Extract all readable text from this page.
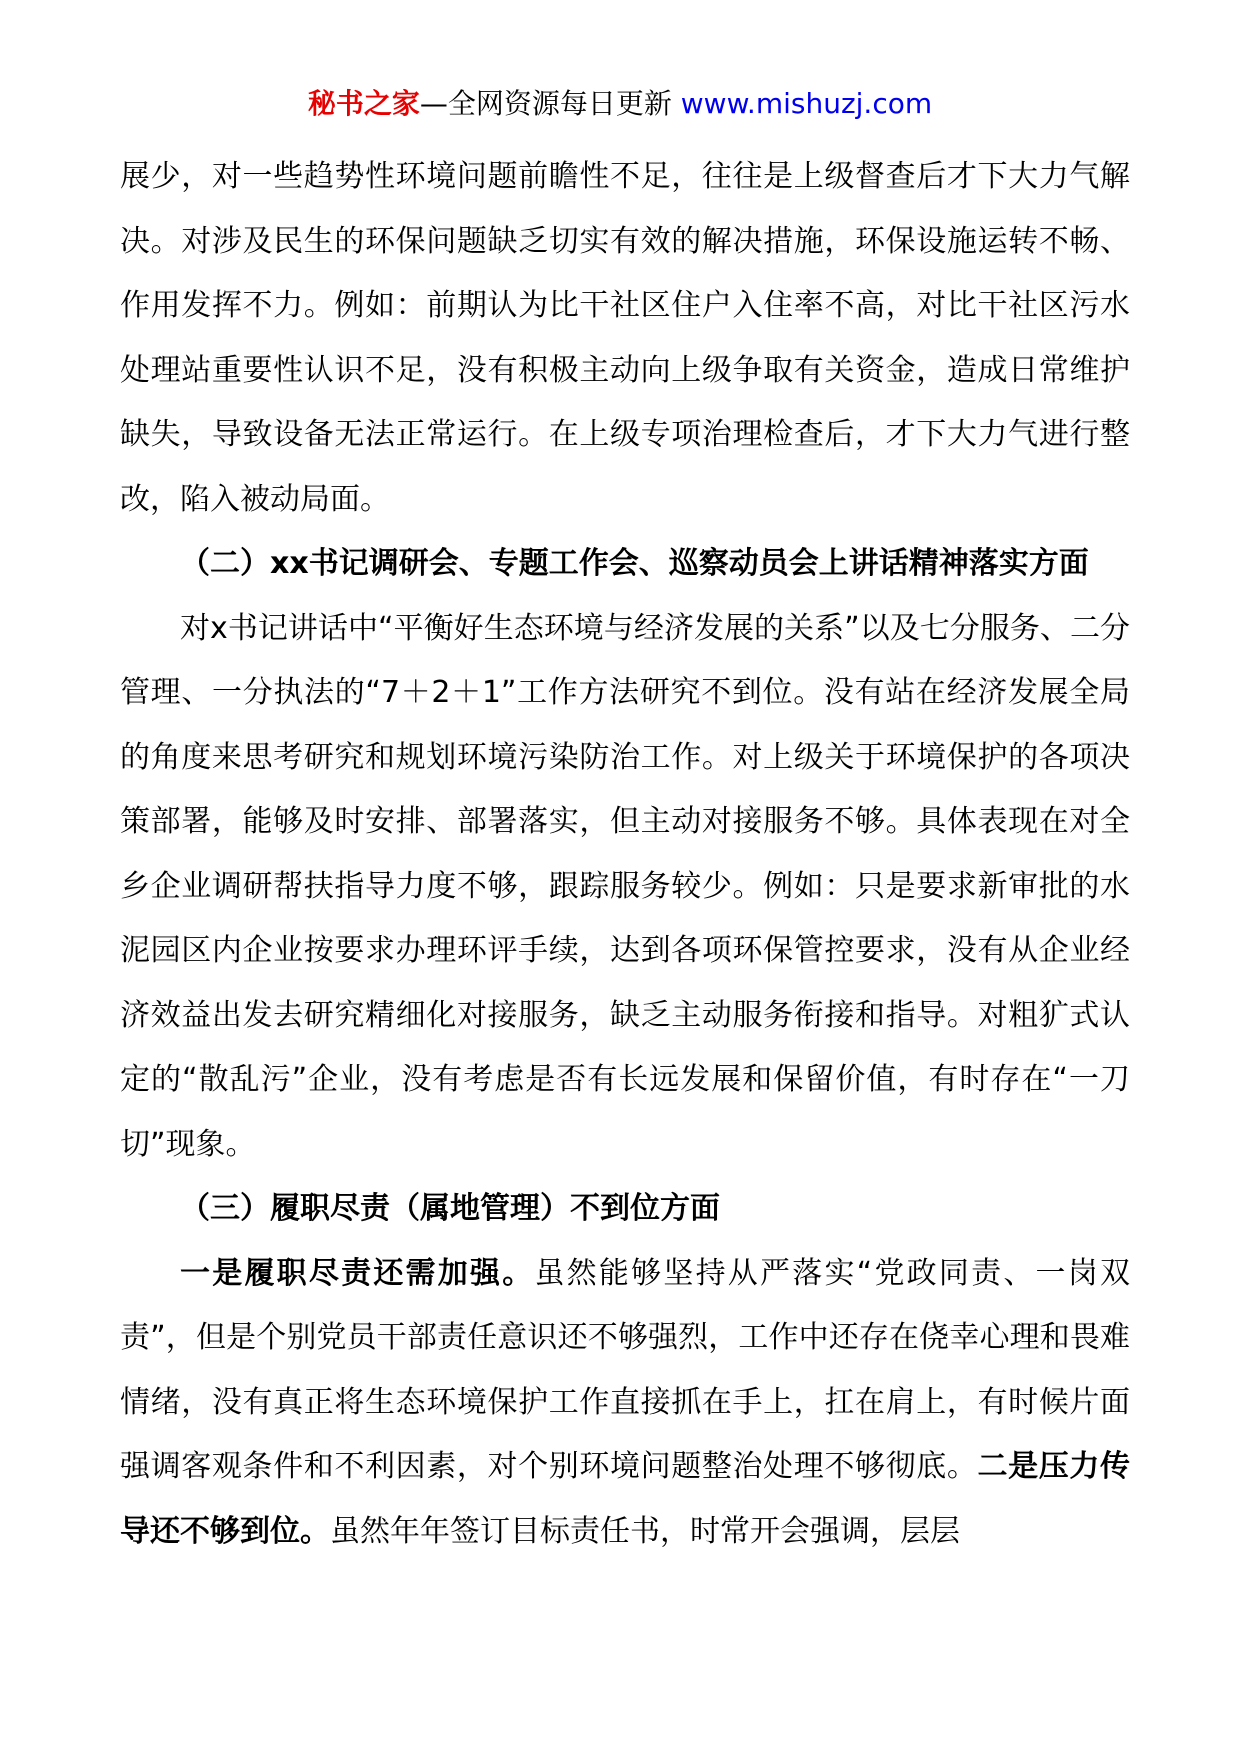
秘书之家—全网资源每日更新 www.mishuzj.com

展少，对一些趋势性环境问题前瞻性不足，往往是上级督查后才下大力气解决。对涉及民生的环保问题缺乏切实有效的解决措施，环保设施运转不畅、作用发挥不力。例如：前期认为比干社区住户入住率不高，对比干社区污水处理站重要性认识不足，没有积极主动向上级争取有关资金，造成日常维护缺失，导致设备无法正常运行。在上级专项治理检查后，才下大力气进行整改，陷入被动局面。

（二）xx书记调研会、专题工作会、巡察动员会上讲话精神落实方面

对x书记讲话中“平衡好生态环境与经济发展的关系”以及七分服务、二分管理、一分执法的“7＋2＋1”工作方法研究不到位。没有站在经济发展全局的角度来思考研究和规划环境污染防治工作。对上级关于环境保护的各项决策部署，能够及时安排、部署落实，但主动对接服务不够。具体表现在对全乡企业调研帮扶指导力度不够，跟踪服务较少。例如：只是要求新审批的水泥园区内企业按要求办理环评手续，达到各项环保管控要求，没有从企业经济效益出发去研究精细化对接服务，缺乏主动服务衔接和指导。对粗犷式认定的“散乱污”企业，没有考虑是否有长远发展和保留价值，有时存在“一刀切”现象。

（三）履职尽责（属地管理）不到位方面

一是履职尽责还需加强。虽然能够坚持从严落实“党政同责、一岗双责”，但是个别党员干部责任意识还不够强烈，工作中还存在侥幸心理和畏难情绪，没有真正将生态环境保护工作直接抓在手上，扛在肩上，有时候片面强调客观条件和不利因素，对个别环境问题整治处理不够彻底。二是压力传导还不够到位。虽然年年签订目标责任书，时常开会强调，层层
